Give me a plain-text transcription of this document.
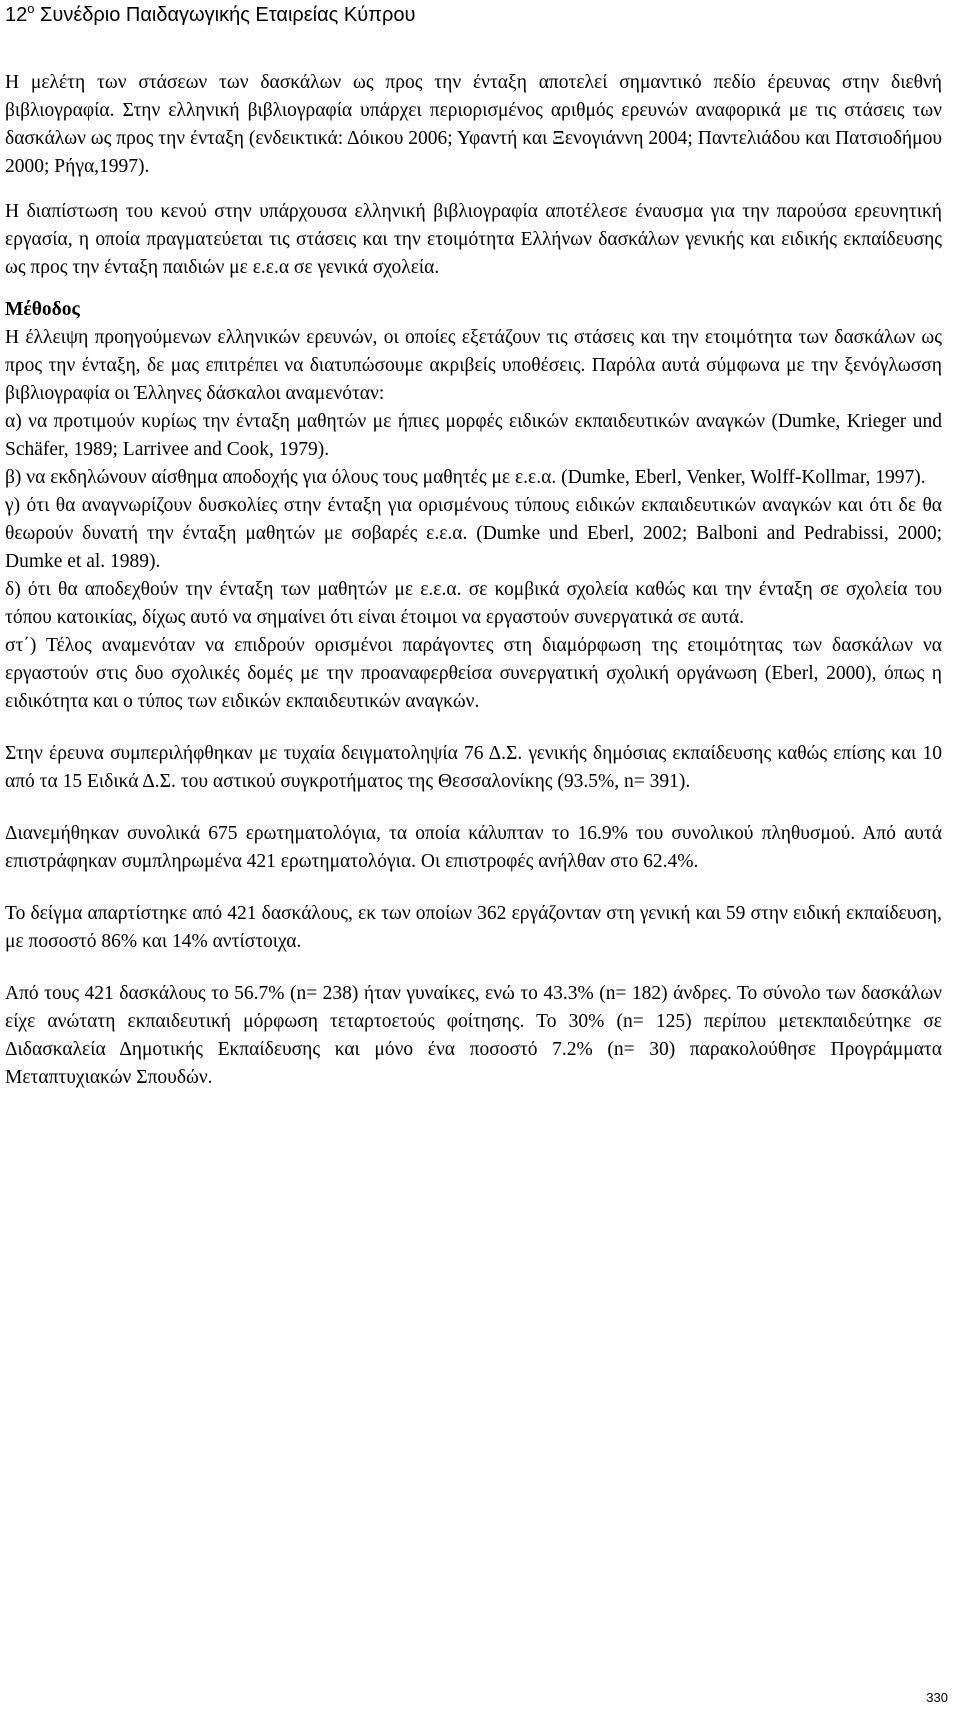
$12^o$ Συνέδριο Παιδαγωγικής Εταιρείας Κύπρου

Η μελέτη των στάσεων των δασκάλων ως προς την ένταξη αποτελεί σημαντικό πεδίο έρευνας στην διεθνή βιβλιογραφία. Στην ελληνική βιβλιογραφία υπάρχει περιορισμένος αριθμός ερευνών αναφορικά με τις στάσεις των δασκάλων ως προς την ένταξη (ενδεικτικά: Δόικου 2006; Υφαντή και Ξενογιάννη 2004; Παντελιάδου και Πατσιοδήμου 2000; Ρήγα,1997).

Η διαπίστωση του κενού στην υπάρχουσα ελληνική βιβλιογραφία αποτέλεσε έναυσμα για την παρούσα ερευνητική εργασία, η οποία πραγματεύεται τις στάσεις και την ετοιμότητα Ελλήνων δασκάλων γενικής και ειδικής εκπαίδευσης ως προς την ένταξη παιδιών με ε.ε.α σε γενικά σχολεία.

Μέθοδος

Η έλλειψη προηγούμενων ελληνικών ερευνών, οι οποίες εξετάζουν τις στάσεις και την ετοιμότητα των δασκάλων ως προς την ένταξη, δε μας επιτρέπει να διατυπώσουμε ακριβείς υποθέσεις. Παρόλα αυτά σύμφωνα με την ξενόγλωσση βιβλιογραφία οι Έλληνες δάσκαλοι αναμενόταν:

α) να προτιμούν κυρίως την ένταξη μαθητών με ήπιες μορφές ειδικών εκπαιδευτικών αναγκών (Dumke, Krieger und Schäfer, 1989; Larrivee and Cook, 1979).

β) να εκδηλώνουν αίσθημα αποδοχής για όλους τους μαθητές με ε.ε.α. (Dumke, Eberl, Venker, Wolff-Kollmar, 1997).

γ) ότι θα αναγνωρίζουν δυσκολίες στην ένταξη για ορισμένους τύπους ειδικών εκπαιδευτικών αναγκών και ότι δε θα θεωρούν δυνατή την ένταξη μαθητών με σοβαρές ε.ε.α. (Dumke und Eberl, 2002; Balboni and Pedrabissi, 2000; Dumke et al. 1989).

δ) ότι θα αποδεχθούν την ένταξη των μαθητών με ε.ε.α. σε κομβικά σχολεία καθώς και την ένταξη σε σχολεία του τόπου κατοικίας, δίχως αυτό να σημαίνει ότι είναι έτοιμοι να εργαστούν συνεργατικά σε αυτά.

στ΄) Τέλος αναμενόταν να επιδρούν ορισμένοι παράγοντες στη διαμόρφωση της ετοιμότητας των δασκάλων να εργαστούν στις δυο σχολικές δομές με την προαναφερθείσα συνεργατική σχολική οργάνωση (Eberl, 2000), όπως η ειδικότητα και ο τύπος των ειδικών εκπαιδευτικών αναγκών.

Στην έρευνα συμπεριλήφθηκαν με τυχαία δειγματοληψία 76 Δ.Σ. γενικής δημόσιας εκπαίδευσης καθώς επίσης και 10 από τα 15 Ειδικά Δ.Σ. του αστικού συγκροτήματος της Θεσσαλονίκης (93.5%, n= 391).

Διανεμήθηκαν συνολικά 675 ερωτηματολόγια, τα οποία κάλυπταν το 16.9% του συνολικού πληθυσμού. Από αυτά επιστράφηκαν συμπληρωμένα 421 ερωτηματολόγια. Οι επιστροφές ανήλθαν στο 62.4%.

Το δείγμα απαρτίστηκε από 421 δασκάλους, εκ των οποίων 362 εργάζονταν στη γενική και 59 στην ειδική εκπαίδευση, με ποσοστό 86% και 14% αντίστοιχα.

Από τους 421 δασκάλους το 56.7% (n= 238) ήταν γυναίκες, ενώ το 43.3% (n= 182) άνδρες. Το σύνολο των δασκάλων είχε ανώτατη εκπαιδευτική μόρφωση τεταρτοετούς φοίτησης. Το 30% (n= 125) περίπου μετεκπαιδεύτηκε σε Διδασκαλεία Δημοτικής Εκπαίδευσης και μόνο ένα ποσοστό 7.2% (n= 30) παρακολούθησε Προγράμματα Μεταπτυχιακών Σπουδών.

330
